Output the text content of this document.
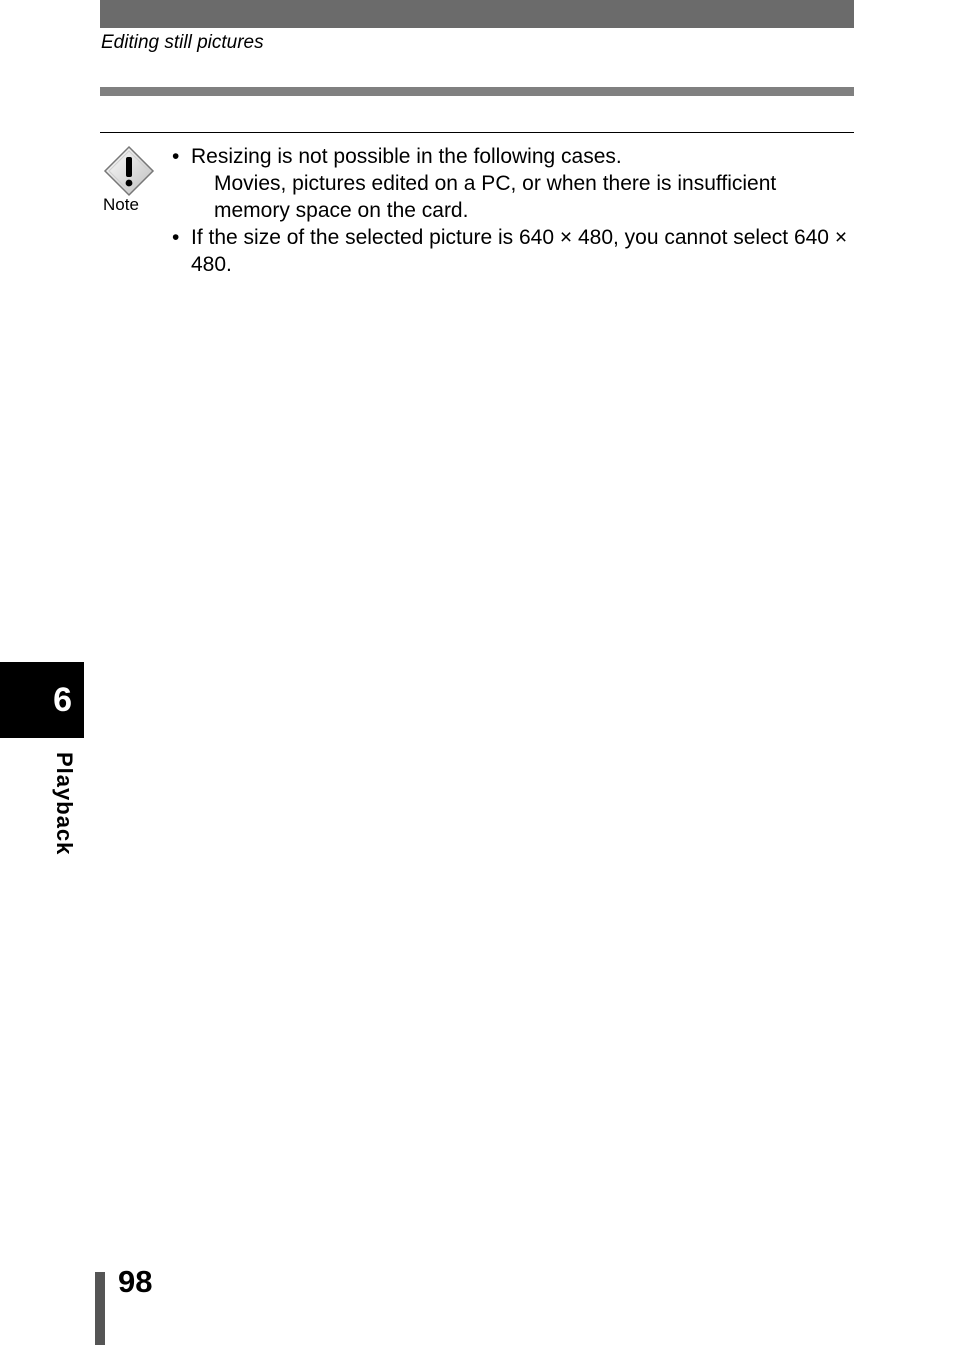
Editing still pictures
Note
• Resizing is not possible in the following cases.
Movies, pictures edited on a PC, or when there is insufficient
memory space on the card.
• If the size of the selected picture is 640 × 480, you cannot select 640 × 480.
6
Playback
98
